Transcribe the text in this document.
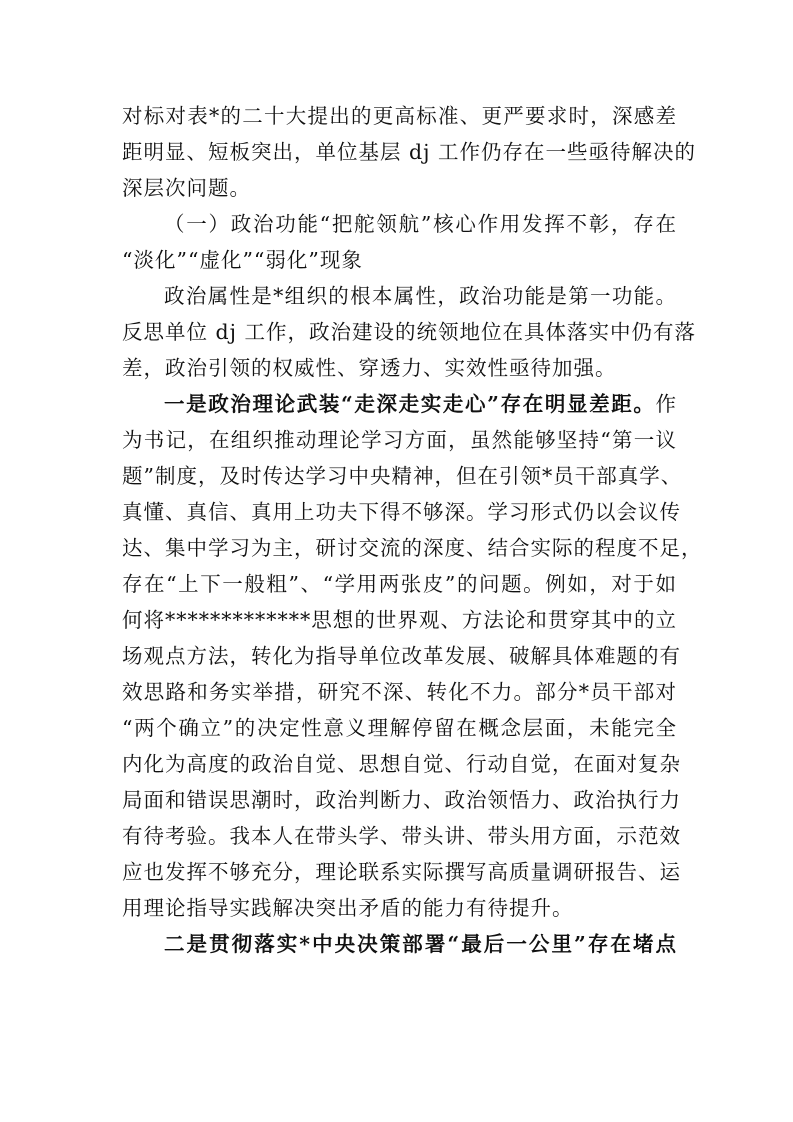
对标对表*的二十大提出的更高标准、更严要求时，深感差
距明显、短板突出，单位基层 dj 工作仍存在一些亟待解决的
深层次问题。
（一）政治功能“把舵领航”核心作用发挥不彰，存在
“淡化”“虚化”“弱化”现象
政治属性是*组织的根本属性，政治功能是第一功能。
反思单位 dj 工作，政治建设的统领地位在具体落实中仍有落
差，政治引领的权威性、穿透力、实效性亟待加强。
一是政治理论武装“走深走实走心”存在明显差距。作
为书记，在组织推动理论学习方面，虽然能够坚持“第一议
题”制度，及时传达学习中央精神，但在引领*员干部真学、
真懂、真信、真用上功夫下得不够深。学习形式仍以会议传
达、集中学习为主，研讨交流的深度、结合实际的程度不足，
存在“上下一般粗”、“学用两张皮”的问题。例如，对于如
何将*************思想的世界观、方法论和贯穿其中的立
场观点方法，转化为指导单位改革发展、破解具体难题的有
效思路和务实举措，研究不深、转化不力。部分*员干部对
“两个确立”的决定性意义理解停留在概念层面，未能完全
内化为高度的政治自觉、思想自觉、行动自觉，在面对复杂
局面和错误思潮时，政治判断力、政治领悟力、政治执行力
有待考验。我本人在带头学、带头讲、带头用方面，示范效
应也发挥不够充分，理论联系实际撰写高质量调研报告、运
用理论指导实践解决突出矛盾的能力有待提升。
二是贯彻落实*中央决策部署“最后一公里”存在堵点
